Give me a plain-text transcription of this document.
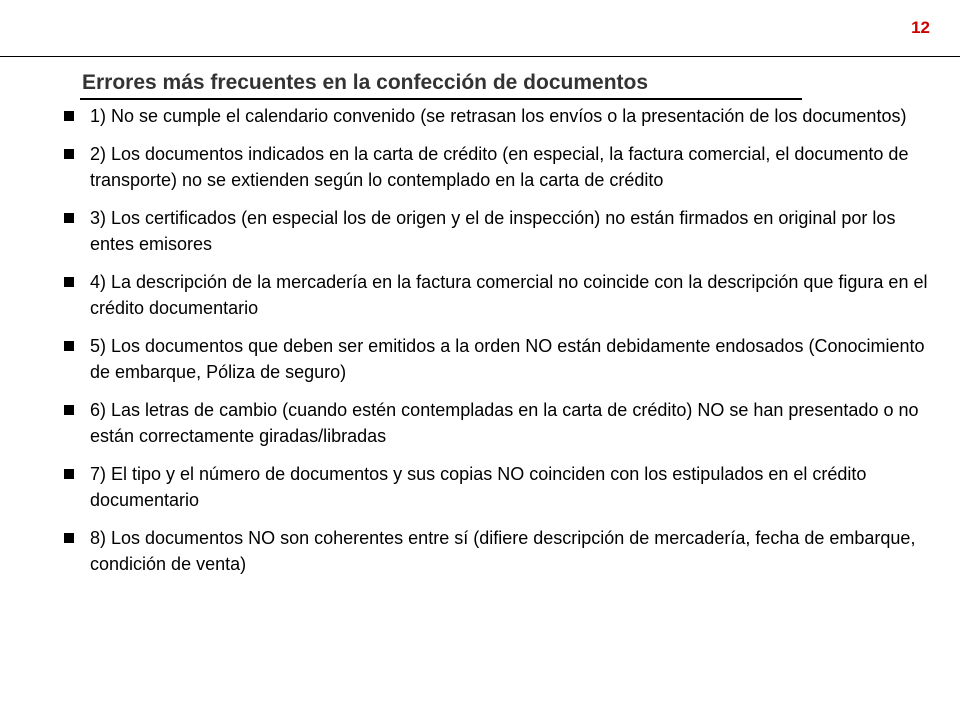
12
Errores más frecuentes en la confección de documentos
1) No se cumple el calendario convenido (se retrasan los envíos o la presentación de los documentos)
2) Los documentos indicados en la carta de crédito (en especial, la factura comercial, el documento de transporte) no se extienden según lo contemplado en la carta de crédito
3) Los certificados (en especial los de origen y el de inspección) no están firmados en original por los entes emisores
4) La descripción de la mercadería en la factura comercial no coincide con la descripción que figura en el crédito documentario
5) Los documentos que deben ser emitidos a la orden NO están debidamente endosados (Conocimiento de embarque, Póliza de seguro)
6) Las letras de cambio (cuando estén contempladas en la carta de crédito) NO se han presentado o no están correctamente giradas/libradas
7) El tipo y el número de documentos y sus copias NO coinciden con los estipulados en el crédito documentario
8) Los documentos NO son coherentes entre sí (difiere descripción de mercadería, fecha de embarque, condición de venta)
